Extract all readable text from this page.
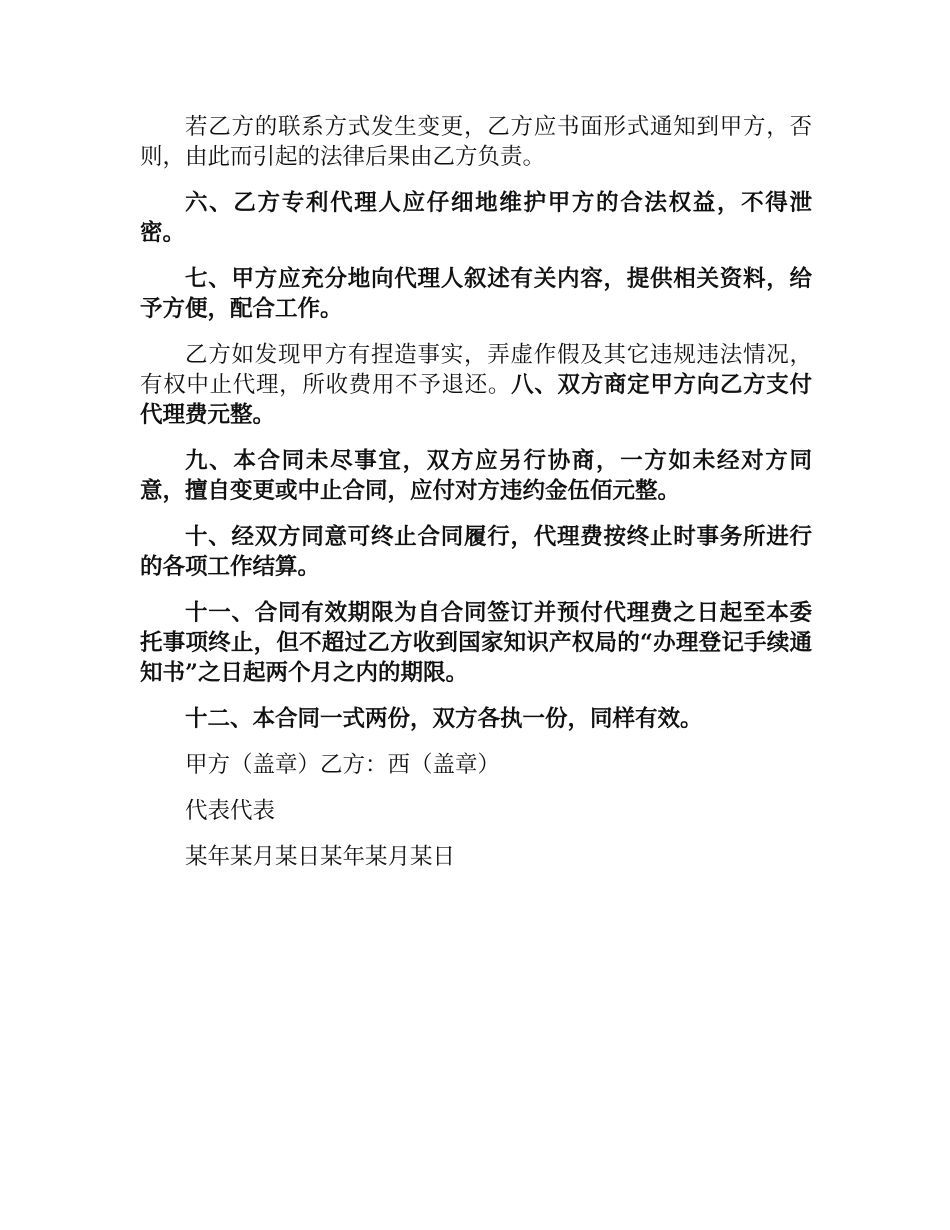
若乙方的联系方式发生变更，乙方应书面形式通知到甲方，否则，由此而引起的法律后果由乙方负责。

六、乙方专利代理人应仔细地维护甲方的合法权益，不得泄密。

七、甲方应充分地向代理人叙述有关内容，提供相关资料，给予方便，配合工作。

乙方如发现甲方有捏造事实，弄虚作假及其它违规违法情况，有权中止代理，所收费用不予退还。八、双方商定甲方向乙方支付代理费元整。

九、本合同未尽事宜，双方应另行协商，一方如未经对方同意，擅自变更或中止合同，应付对方违约金伍佰元整。

十、经双方同意可终止合同履行，代理费按终止时事务所进行的各项工作结算。

十一、合同有效期限为自合同签订并预付代理费之日起至本委托事项终止，但不超过乙方收到国家知识产权局的“办理登记手续通知书”之日起两个月之内的期限。

十二、本合同一式两份，双方各执一份，同样有效。

甲方（盖章）乙方：西（盖章）

代表代表

某年某月某日某年某月某日
